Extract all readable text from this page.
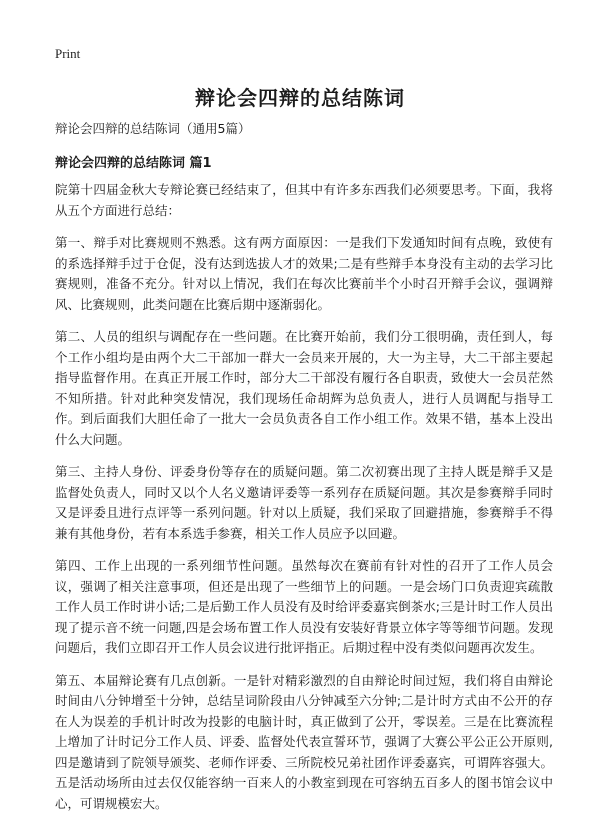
Print
辩论会四辩的总结陈词
辩论会四辩的总结陈词（通用5篇）
辩论会四辩的总结陈词 篇1

院第十四届金秋大专辩论赛已经结束了，但其中有许多东西我们必须要思考。下面，我将从五个方面进行总结：

第一、辩手对比赛规则不熟悉。这有两方面原因：一是我们下发通知时间有点晚，致使有的系选择辩手过于仓促，没有达到选拔人才的效果;二是有些辩手本身没有主动的去学习比赛规则，准备不充分。针对以上情况，我们在每次比赛前半个小时召开辩手会议，强调辩风、比赛规则，此类问题在比赛后期中逐渐弱化。

第二、人员的组织与调配存在一些问题。在比赛开始前，我们分工很明确，责任到人，每个工作小组均是由两个大二干部加一群大一会员来开展的，大一为主导，大二干部主要起指导监督作用。在真正开展工作时，部分大二干部没有履行各自职责，致使大一会员茫然不知所措。针对此种突发情况，我们现场任命胡辉为总负责人，进行人员调配与指导工作。到后面我们大胆任命了一批大一会员负责各自工作小组工作。效果不错，基本上没出什么大问题。

第三、主持人身份、评委身份等存在的质疑问题。第二次初赛出现了主持人既是辩手又是监督处负责人，同时又以个人名义邀请评委等一系列存在质疑问题。其次是参赛辩手同时又是评委且进行点评等一系列问题。针对以上质疑，我们采取了回避措施，参赛辩手不得兼有其他身份，若有本系选手参赛，相关工作人员应予以回避。

第四、工作上出现的一系列细节性问题。虽然每次在赛前有针对性的召开了工作人员会议，强调了相关注意事项，但还是出现了一些细节上的问题。一是会场门口负责迎宾疏散工作人员工作时讲小话;二是后勤工作人员没有及时给评委嘉宾倒茶水;三是计时工作人员出现了提示音不统一问题,四是会场布置工作人员没有安装好背景立体字等等细节问题。发现问题后，我们立即召开工作人员会议进行批评指正。后期过程中没有类似问题再次发生。

第五、本届辩论赛有几点创新。一是针对精彩激烈的自由辩论时间过短，我们将自由辩论时间由八分钟增至十分钟，总结呈词阶段由八分钟减至六分钟;二是计时方式由不公开的存在人为误差的手机计时改为投影的电脑计时，真正做到了公开，零误差。三是在比赛流程上增加了计时记分工作人员、评委、监督处代表宣誓环节，强调了大赛公平公正公开原则,四是邀请到了院领导颁奖、老师作评委、三所院校兄弟社团作评委嘉宾，可谓阵容强大。五是活动场所由过去仅仅能容纳一百来人的小教室到现在可容纳五百多人的图书馆会议中心，可谓规模宏大。
